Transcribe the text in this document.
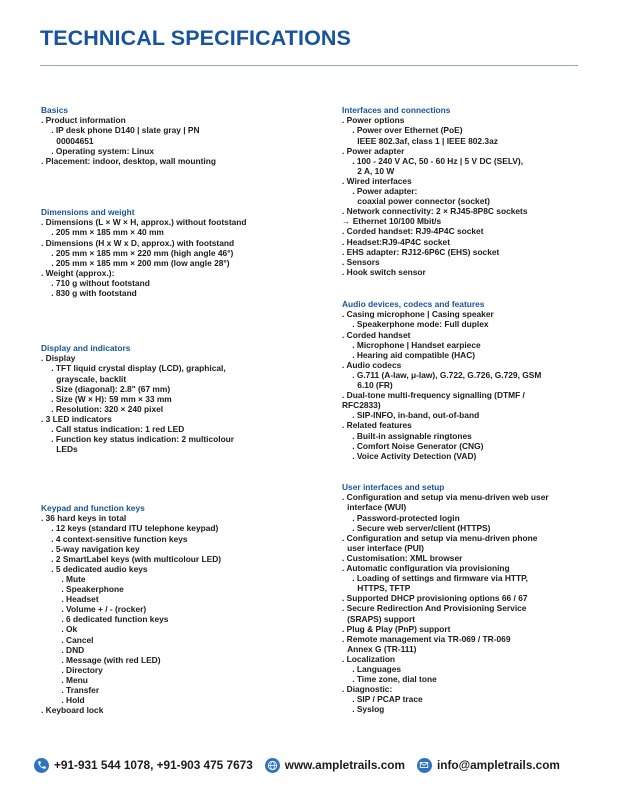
TECHNICAL SPECIFICATIONS
Basics
. Product information
. IP desk phone D140 | slate gray | PN
00004651
. Operating system: Linux
. Placement: indoor, desktop, wall mounting
Dimensions and weight
. Dimensions (L × W × H, approx.) without footstand
. 205 mm × 185 mm × 40 mm
. Dimensions (H x W x D, approx.) with footstand
. 205 mm × 185 mm × 220 mm (high angle 46°)
. 205 mm × 185 mm × 200 mm (low angle 28°)
. Weight (approx.):
. 710 g without footstand
. 830 g with footstand
Display and indicators
. Display
. TFT liquid crystal display (LCD), graphical,
grayscale, backlit
. Size (diagonal): 2.8" (67 mm)
. Size (W × H): 59 mm × 33 mm
. Resolution: 320 × 240 pixel
. 3 LED indicators
. Call status indication: 1 red LED
. Function key status indication: 2 multicolour
LEDs
Keypad and function keys
. 36 hard keys in total
. 12 keys (standard ITU telephone keypad)
. 4 context-sensitive function keys
. 5-way navigation key
. 2 SmartLabel keys (with multicolour LED)
. 5 dedicated audio keys
. Mute
. Speakerphone
. Headset
. Volume + / - (rocker)
. 6 dedicated function keys
. Ok
. Cancel
. DND
. Message (with red LED)
. Directory
. Menu
. Transfer
. Hold
. Keyboard lock
Interfaces and connections
. Power options
. Power over Ethernet (PoE)
IEEE 802.3af, class 1 | IEEE 802.3az
. Power adapter
. 100 - 240 V AC, 50 - 60 Hz | 5 V DC (SELV),
2 A, 10 W
. Wired interfaces
. Power adapter:
coaxial power connector (socket)
. Network connectivity: 2 × RJ45-8P8C sockets
→ Ethernet 10/100 Mbit/s
. Corded handset: RJ9-4P4C socket
. Headset:RJ9-4P4C socket
. EHS adapter: RJ12-6P6C (EHS) socket
. Sensors
. Hook switch sensor
Audio devices, codecs and features
. Casing microphone | Casing speaker
. Speakerphone mode: Full duplex
. Corded handset
. Microphone | Handset earpiece
. Hearing aid compatible (HAC)
. Audio codecs
. G.711 (A-law, μ-law), G.722, G.726, G.729, GSM
6.10 (FR)
. Dual-tone multi-frequency signalling (DTMF /
RFC2833)
. SIP-INFO, in-band, out-of-band
. Related features
. Built-in assignable ringtones
. Comfort Noise Generator (CNG)
. Voice Activity Detection (VAD)
User interfaces and setup
. Configuration and setup via menu-driven web user
interface (WUI)
. Password-protected login
. Secure web server/client (HTTPS)
. Configuration and setup via menu-driven phone
user interface (PUI)
. Customisation: XML browser
. Automatic configuration via provisioning
. Loading of settings and firmware via HTTP,
HTTPS, TFTP
. Supported DHCP provisioning options 66 / 67
. Secure Redirection And Provisioning Service
(SRAPS) support
. Plug & Play (PnP) support
. Remote management via TR-069 / TR-069
Annex G (TR-111)
. Localization
. Languages
. Time zone, dial tone
. Diagnostic:
. SIP / PCAP trace
. Syslog
+91-931 544 1078, +91-903 475 7673	www.ampletrails.com	info@ampletrails.com
